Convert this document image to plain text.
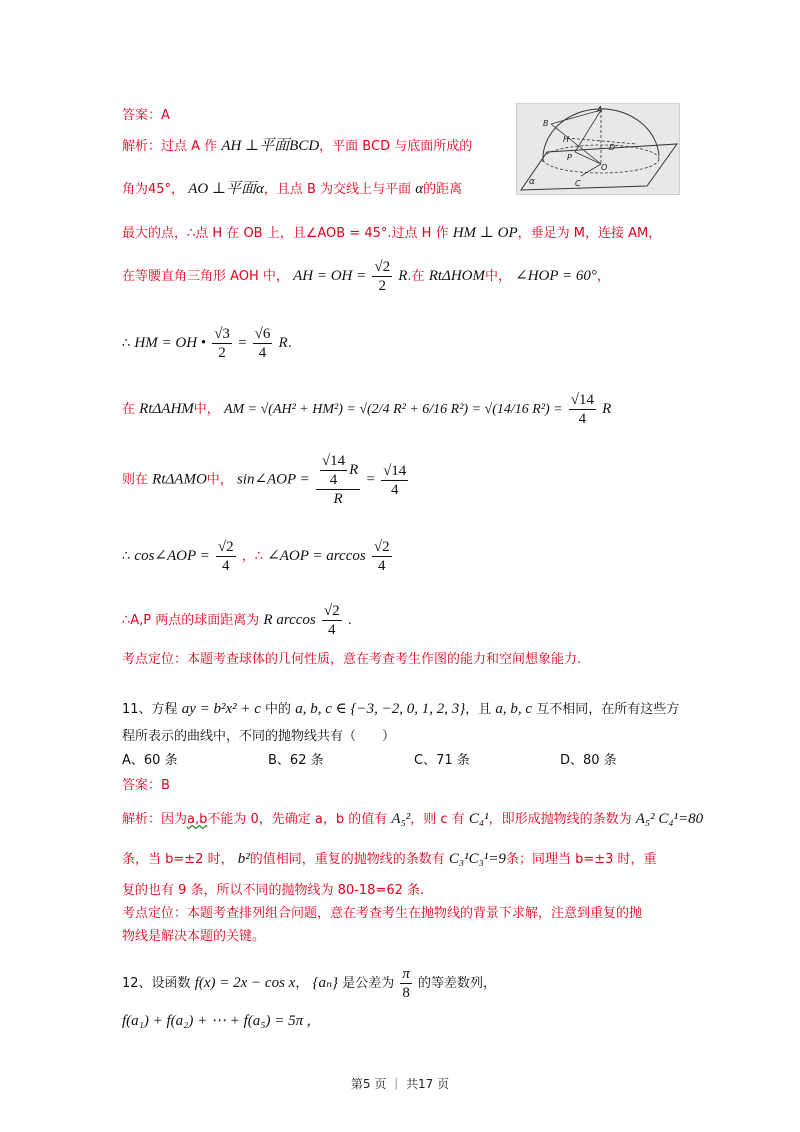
A
B
H
D
P
O
C
α
答案：A
解析：过点 A 作 AH ⊥平面BCD，平面 BCD 与底面所成的
角为45°， AO ⊥平面α，且点 B 为交线上与平面 α的距离
最大的点，∴点 H 在 OB 上，且∠AOB = 45°.过点 H 作 HM ⊥ OP，垂足为 M，连接 AM，
在等腰直角三角形 AOH 中， AH = OH = $\frac{√2}{2} R$.在 RtΔHOM中， ∠HOP = 60°，
∴ HM = OH • $\frac{√3}{2} = \frac{√6}{4} R$.
在 RtΔAHM中， AM = √(AH² + HM²) = √(2/4 R² + 6/16 R²) = √(14/16 $R^2) = \frac{√14}{4}$ R
则在 RtΔAMO中， sin∠AOP = $\frac{\frac{√14}{4} R}{R} = \frac{√14}{4}$
∴ cos∠AOP = $\frac{√2}{4}$ ，∴ ∠AOP = $\arccos \frac{√2}{4}$
∴A,P 两点的球面距离为 R $\arccos \frac{√2}{4}$ .
考点定位：本题考查球体的几何性质，意在考查考生作图的能力和空间想象能力.
11、方程 ay = b²x² + c 中的 a, b, c ∈ {−3, −2, 0, 1, 2, 3}，且 a, b, c 互不相同，在所有这些方
程所表示的曲线中，不同的抛物线共有（　　）
A、60 条	B、62 条	C、71 条	D、80 条
答案：B
解析：因为a,b不能为 0，先确定 a，b 的值有 A₅²，则 c 有 C₄¹，即形成抛物线的条数为 A₅² C₄¹=80
条，当 b=±2 时， b²的值相同，重复的抛物线的条数有 C₃¹C₃¹=9条；同理当 b=±3 时，重
复的也有 9 条，所以不同的抛物线为 80-18=62 条.
考点定位：本题考查排列组合问题，意在考查考生在抛物线的背景下求解，注意到重复的抛
物线是解决本题的关键。
12、设函数 f(x) = 2x − cos x， {aₙ} 是公差为 $\frac{\pi}{8}$ 的等差数列，
f(a₁) + f(a₂) + ⋯ + f(a₅) = 5π ,
第5 页 ｜ 共17 页
